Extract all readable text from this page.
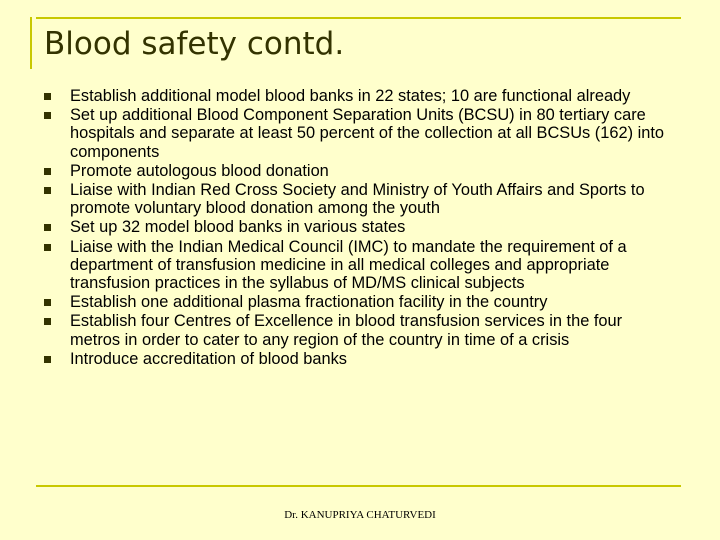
Blood safety contd.
Establish additional model blood banks in 22 states; 10 are functional already
Set up additional Blood Component Separation Units (BCSU) in 80 tertiary care hospitals and separate at least 50 percent of the collection at all BCSUs (162) into components
Promote autologous blood donation
Liaise with Indian Red Cross Society and Ministry of Youth Affairs and Sports to promote voluntary blood donation among the youth
Set up 32 model blood banks in various states
Liaise with the Indian Medical Council (IMC) to mandate the requirement of a department of transfusion medicine in all medical colleges and appropriate transfusion practices in the syllabus of MD/MS clinical subjects
Establish one additional plasma fractionation facility in the country
Establish four Centres of Excellence in blood transfusion services in the four metros in order to cater to any region of the country in time of a crisis
Introduce accreditation of blood banks
Dr. KANUPRIYA CHATURVEDI
